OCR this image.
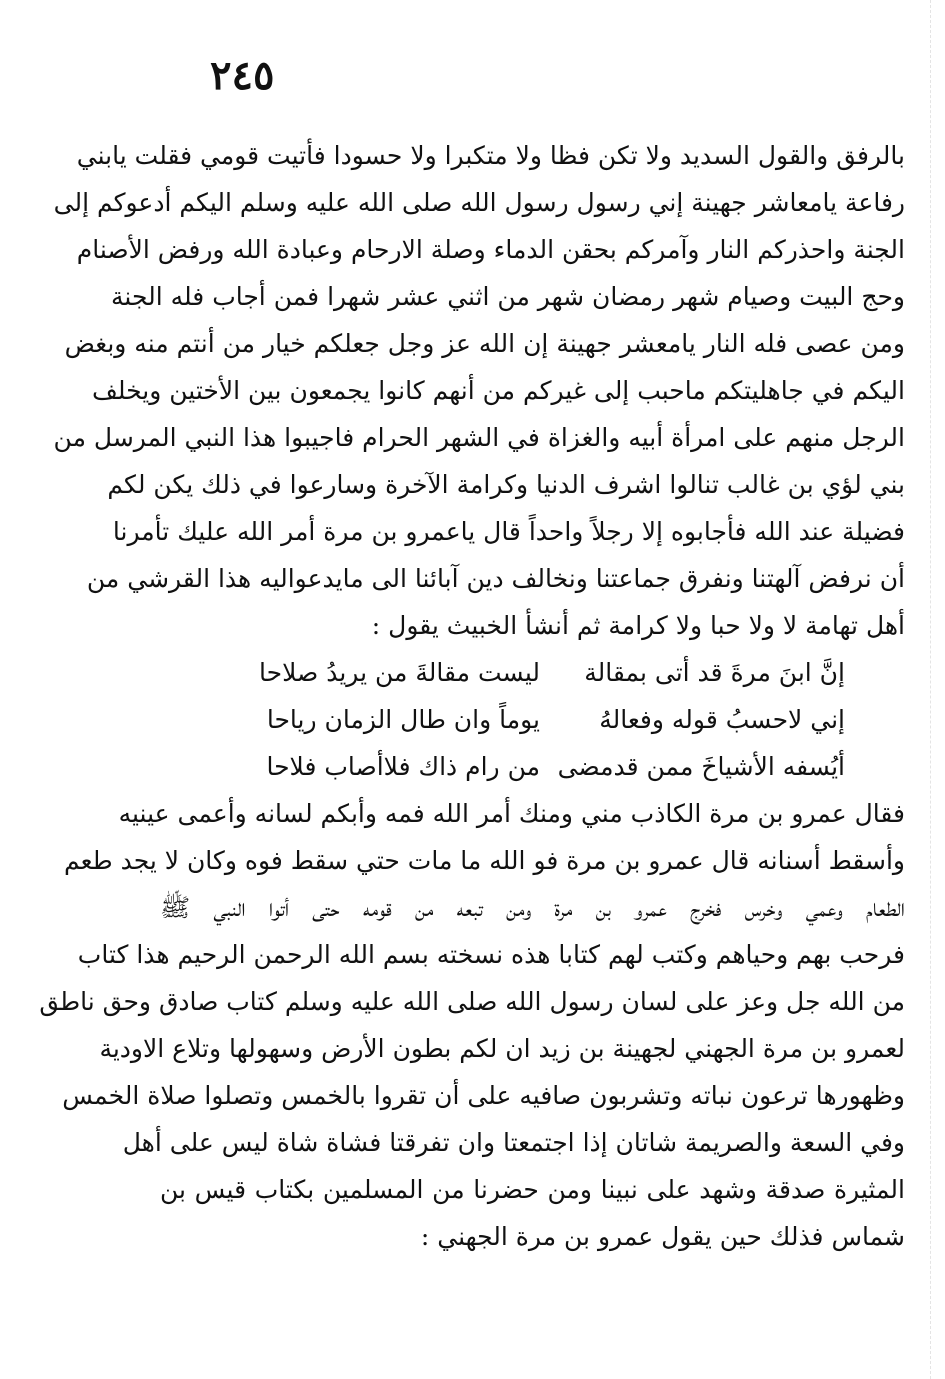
٢٤٥
بالرفق والقول السديد ولا تكن فظا ولا متكبرا ولا حسودا فأتيت قومي فقلت يابني
رفاعة يامعاشر جهينة إني رسول رسول الله صلى الله عليه وسلم اليكم أدعوكم إلى
الجنة واحذركم النار وآمركم بحقن الدماء وصلة الارحام وعبادة الله ورفض الأصنام
وحج البيت وصيام شهر رمضان شهر من اثني عشر شهرا فمن أجاب فله الجنة
ومن عصى فله النار يامعشر جهينة إن الله عز وجل جعلكم خيار من أنتم منه وبغض
اليكم في جاهليتكم ماحبب إلى غيركم من أنهم كانوا يجمعون بين الأختين ويخلف
الرجل منهم على امرأة أبيه والغزاة في الشهر الحرام فاجيبوا هذا النبي المرسل من
بني لؤي بن غالب تنالوا اشرف الدنيا وكرامة الآخرة وسارعوا في ذلك يكن لكم
فضيلة عند الله فأجابوه إلا رجلاً واحداً قال ياعمرو بن مرة أمر الله عليك تأمرنا
أن نرفض آلهتنا ونفرق جماعتنا ونخالف دين آبائنا الى مايدعواليه هذا القرشي من
أهل تهامة لا ولا حبا ولا كرامة ثم أنشأ الخبيث يقول :
إنَّ ابنَ مرةَ قد أتى بمقالة
ليست مقالةَ من يريدُ صلاحا
إني لاحسبُ قوله وفعالهُ
يوماً وان طال الزمان رياحا
أيُسفه الأشياخَ ممن قدمضى
من رام ذاك فلاأصاب فلاحا
فقال عمرو بن مرة الكاذب مني ومنك أمر الله فمه وأبكم لسانه وأعمى عينيه
وأسقط أسنانه قال عمرو بن مرة فو الله ما مات حتي سقط فوه وكان لا يجد طعم
الطعام وعمي وخرس فخرج عمرو بن مرة ومن تبعه من قومه حتى أتوا النبي ﷺ
فرحب بهم وحياهم وكتب لهم كتابا هذه نسخته بسم الله الرحمن الرحيم هذا كتاب
من الله جل وعز على لسان رسول الله صلى الله عليه وسلم كتاب صادق وحق ناطق
لعمرو بن مرة الجهني لجهينة بن زيد ان لكم بطون الأرض وسهولها وتلاع الاودية
وظهورها ترعون نباته وتشربون صافيه على أن تقروا بالخمس وتصلوا صلاة الخمس
وفي السعة والصريمة شاتان إذا اجتمعتا وان تفرقتا فشاة شاة ليس على أهل
المثيرة صدقة وشهد على نبينا ومن حضرنا من المسلمين بكتاب قيس بن
شماس فذلك حين يقول عمرو بن مرة الجهني :
